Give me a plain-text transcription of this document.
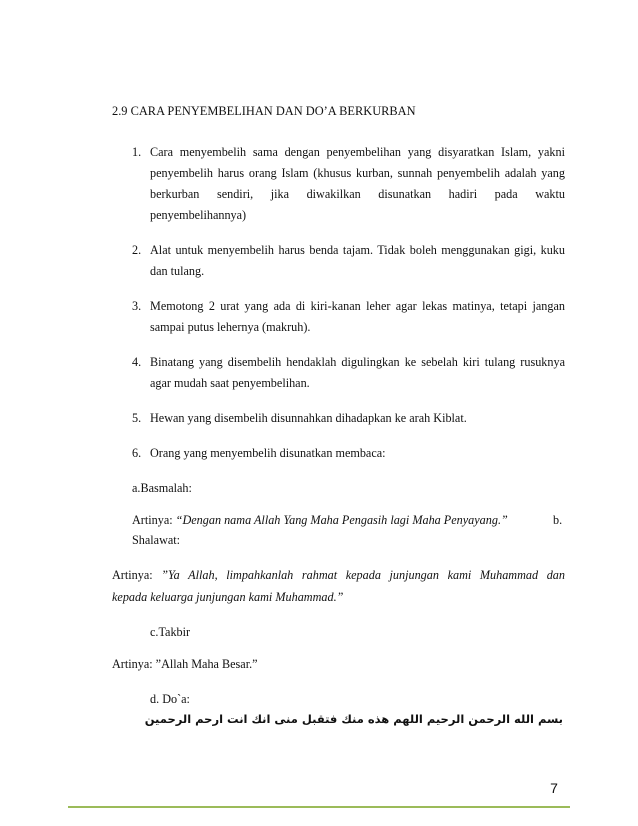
2.9 CARA PENYEMBELIHAN DAN DO’A BERKURBAN
1. Cara menyembelih sama dengan penyembelihan yang disyaratkan Islam, yakni
penyembelih harus orang Islam (khusus kurban, sunnah penyembelih adalah yang
berkurban sendiri, jika diwakilkan disunatkan hadiri pada waktu
penyembelihannya)
2. Alat untuk menyembelih harus benda tajam. Tidak boleh menggunakan gigi, kuku
dan tulang.
3. Memotong 2 urat yang ada di kiri-kanan leher agar lekas matinya, tetapi jangan
sampai putus lehernya (makruh).
4. Binatang yang disembelih hendaklah digulingkan ke sebelah kiri tulang rusuknya
agar mudah saat penyembelihan.
5. Hewan yang disembelih disunnahkan dihadapkan ke arah Kiblat.
6. Orang yang menyembelih disunatkan membaca:
a.Basmalah:
Artinya: “Dengan nama Allah Yang Maha Pengasih lagi Maha Penyayang.”	b.
Shalawat:
Artinya: ”Ya Allah, limpahkanlah rahmat kepada junjungan kami Muhammad dan
kepada keluarga junjungan kami Muhammad.”
c.Takbir
Artinya: ”Allah Maha Besar.”
d. Do`a:
بسم الله الرحمن الرحيم اللهم هذه منك فتقبل منى انك انت ارحم الرحمين
7
